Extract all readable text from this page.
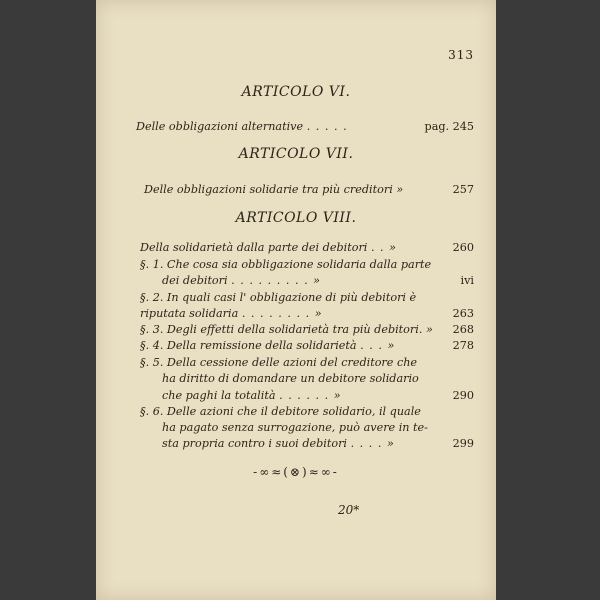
313
ARTICOLO VI.
Delle obbligazioni alternative . . . . .	pag. 245
ARTICOLO VII.
Delle obbligazioni solidarie tra più creditori »	257
ARTICOLO VIII.
Della solidarietà dalla parte dei debitori . . »	260
§. 1. Che cosa sia obbligazione solidaria dalla parte
dei debitori . . . . . . . . . »	ivi
§. 2. In quali casi l' obbligazione di più debitori è
riputata solidaria . . . . . . . . »	263
§. 3. Degli effetti della solidarietà tra più debitori. » 268
§. 4. Della remissione della solidarietà . . . »	278
§. 5. Della cessione delle azioni del creditore che
ha diritto di domandare un debitore solidario
che paghi la totalità . . . . . . »	290
§. 6. Delle azioni che il debitore solidario, il quale
ha pagato senza surrogazione, può avere in te-
sta propria contro i suoi debitori . . . . »	299
-∞≈(⊗)≈∞-
20*
